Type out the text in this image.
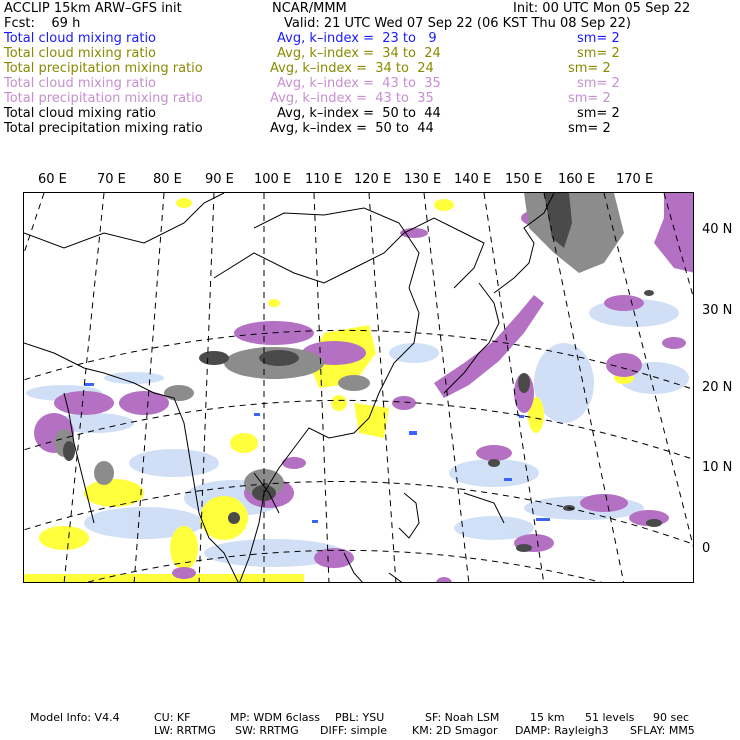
ACCLIP 15km ARW–GFS init	NCAR/MMM	Init: 00 UTC Mon 05 Sep 22
Fcst:    69 h	Valid: 21 UTC Wed 07 Sep 22 (06 KST Thu 08 Sep 22)
Total cloud mixing ratio	Avg, k–index =  23 to   9	sm= 2
Total cloud mixing ratio	Avg, k–index =  34 to  24	sm= 2
Total precipitation mixing ratio	Avg, k–index =  34 to  24	sm= 2
Total cloud mixing ratio	Avg, k–index =  43 to  35	sm= 2
Total precipitation mixing ratio	Avg, k–index =  43 to  35	sm= 2
Total cloud mixing ratio	Avg, k–index =  50 to  44	sm= 2
Total precipitation mixing ratio	Avg, k–index =  50 to  44	sm= 2
60 E 70 E 80 E 90 E 100 E 110 E 120 E 130 E 140 E 150 E 160 E 170 E
40 N
30 N
20 N
10 N
0
Model Info: V4.4	CU: KF	MP: WDM 6class PBL: YSU	SF: Noah LSM	15 km 51 levels 90 sec
LW: RRTMG SW: RRTMG DIFF: simple KM: 2D Smagor DAMP: Rayleigh3 SFLAY: MM5
